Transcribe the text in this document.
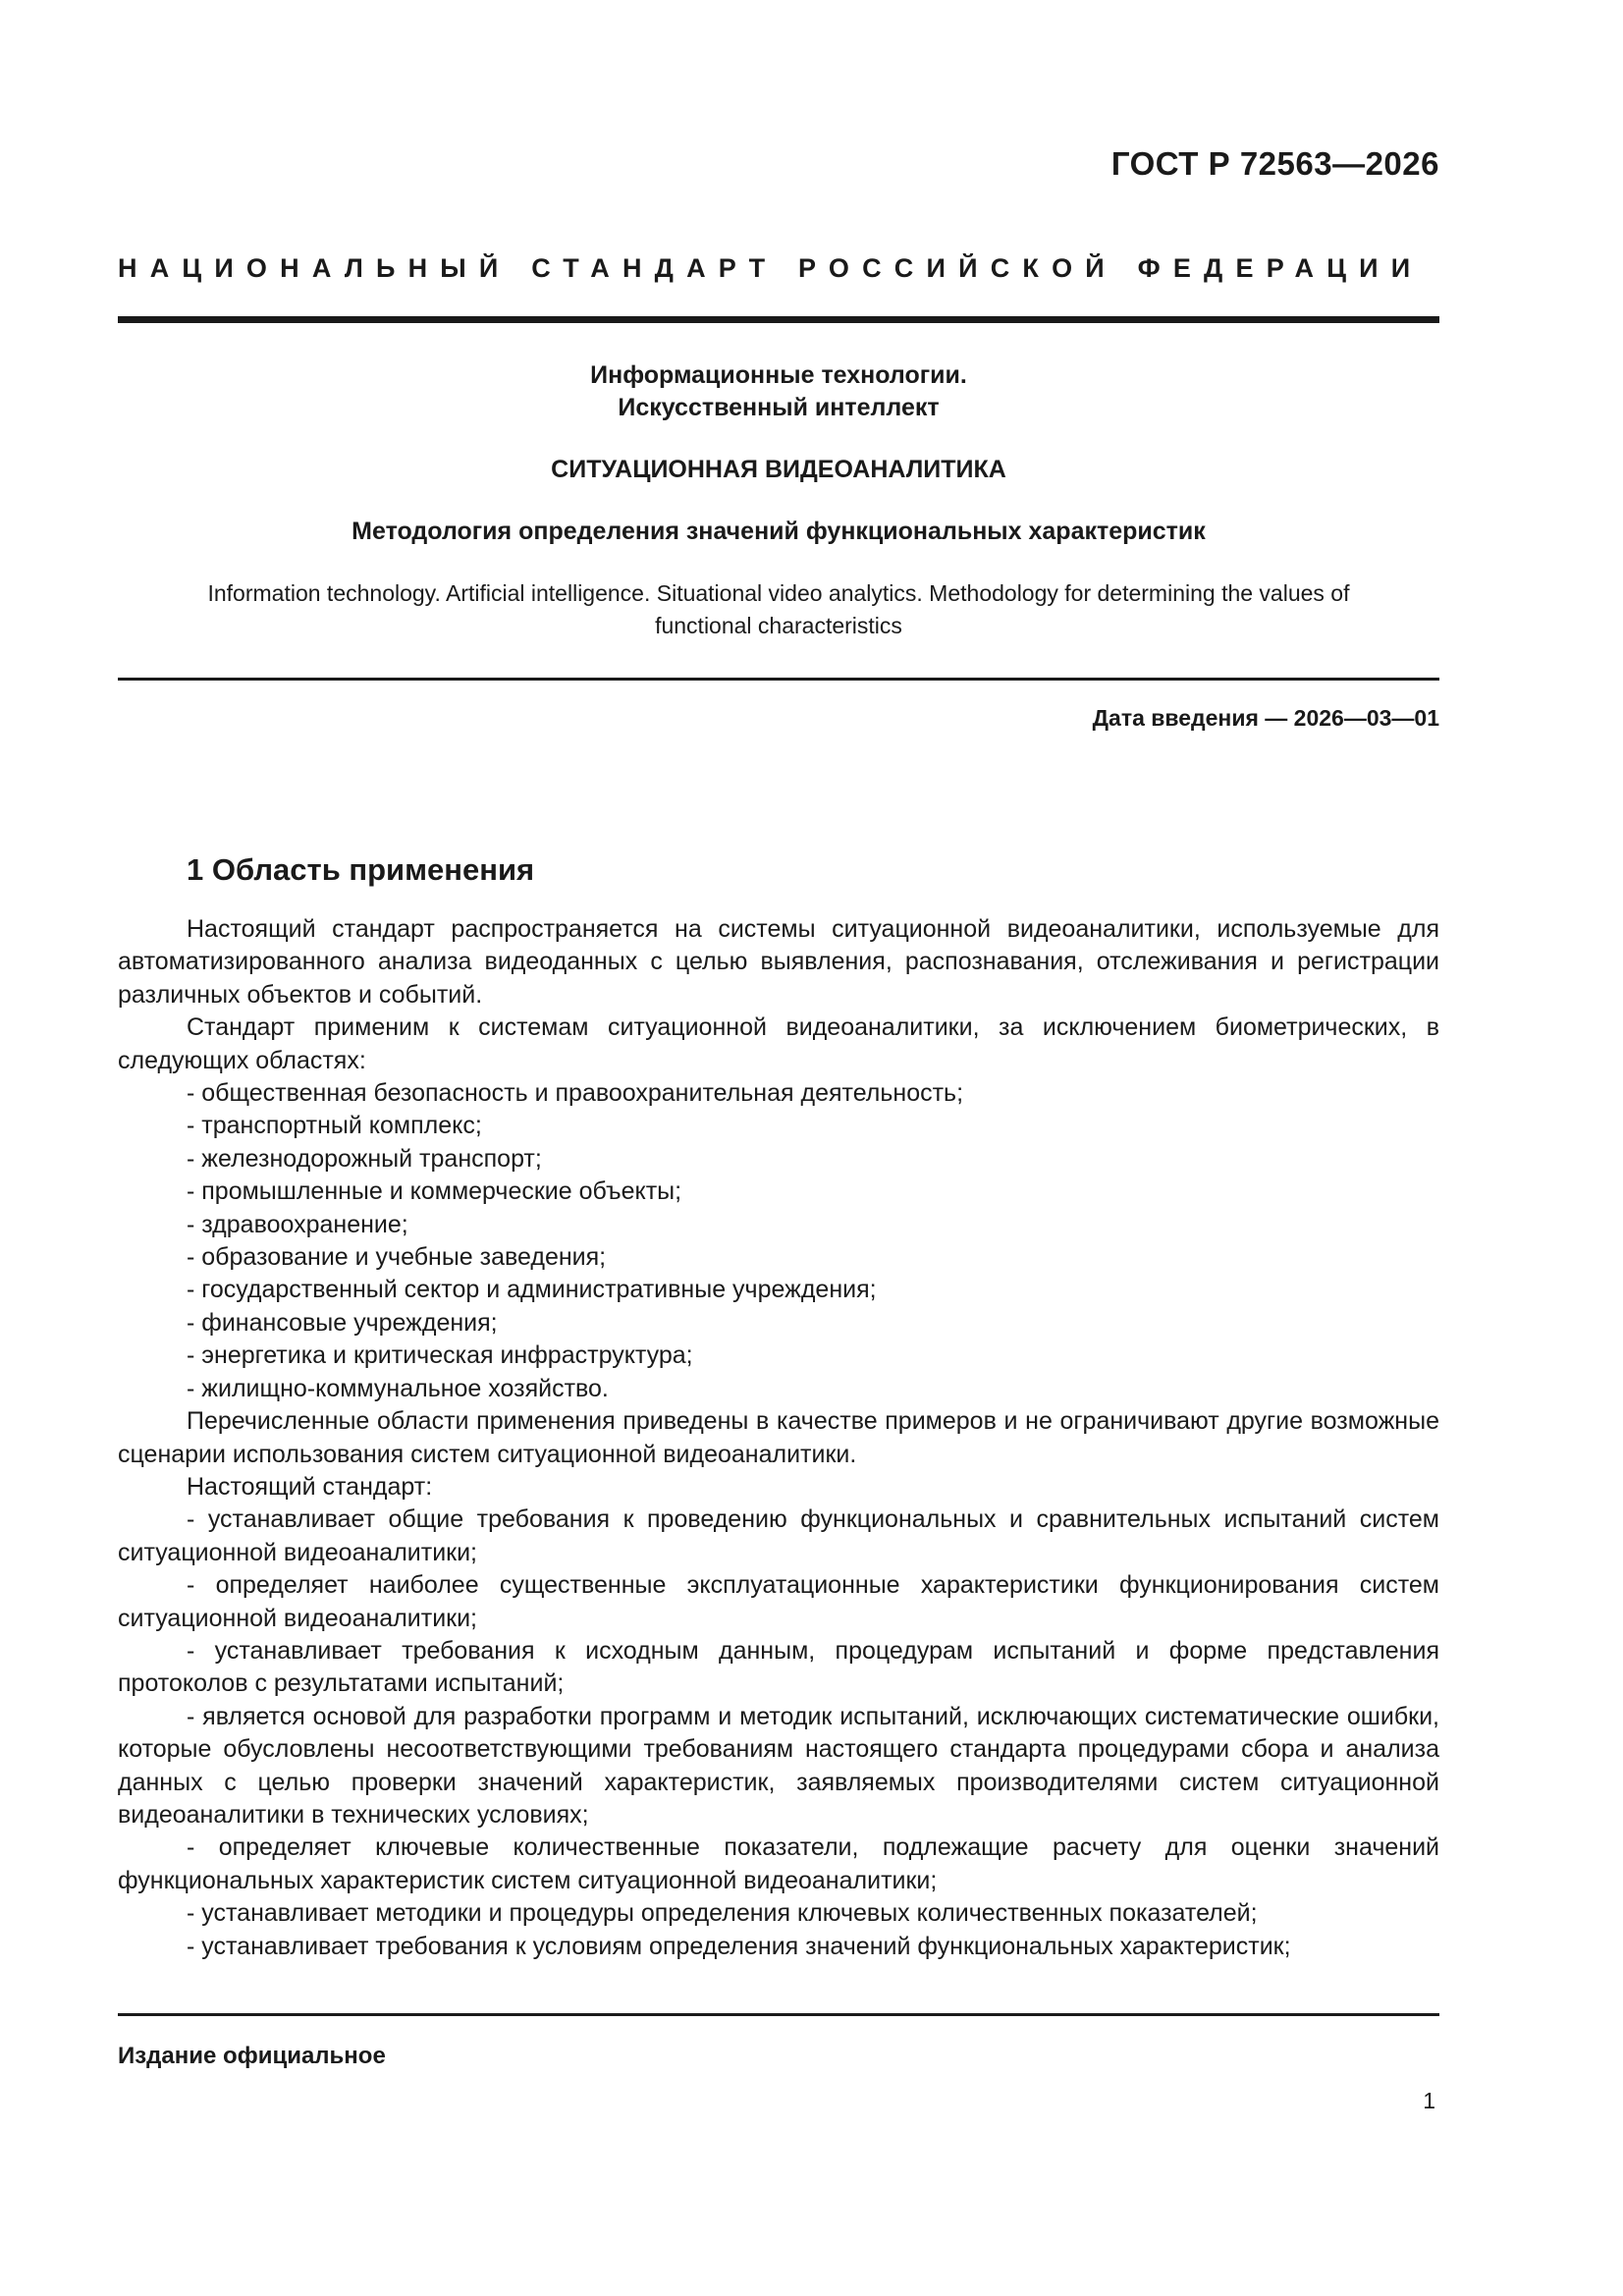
ГОСТ Р 72563—2026
НАЦИОНАЛЬНЫЙ СТАНДАРТ РОССИЙСКОЙ ФЕДЕРАЦИИ
Информационные технологии.
Искусственный интеллект
СИТУАЦИОННАЯ ВИДЕОАНАЛИТИКА
Методология определения значений функциональных характеристик
Information technology. Artificial intelligence. Situational video analytics. Methodology for determining the values of functional characteristics
Дата введения — 2026—03—01
1 Область применения

Настоящий стандарт распространяется на системы ситуационной видеоаналитики, используемые для автоматизированного анализа видеоданных с целью выявления, распознавания, отслеживания и регистрации различных объектов и событий.

Стандарт применим к системам ситуационной видеоаналитики, за исключением биометрических, в следующих областях:

- общественная безопасность и правоохранительная деятельность;
- транспортный комплекс;
- железнодорожный транспорт;
- промышленные и коммерческие объекты;
- здравоохранение;
- образование и учебные заведения;
- государственный сектор и административные учреждения;
- финансовые учреждения;
- энергетика и критическая инфраструктура;
- жилищно-коммунальное хозяйство.

Перечисленные области применения приведены в качестве примеров и не ограничивают другие возможные сценарии использования систем ситуационной видеоаналитики.

Настоящий стандарт:

- устанавливает общие требования к проведению функциональных и сравнительных испытаний систем ситуационной видеоаналитики;

- определяет наиболее существенные эксплуатационные характеристики функционирования систем ситуационной видеоаналитики;

- устанавливает требования к исходным данным, процедурам испытаний и форме представления протоколов с результатами испытаний;

- является основой для разработки программ и методик испытаний, исключающих систематические ошибки, которые обусловлены несоответствующими требованиям настоящего стандарта процедурами сбора и анализа данных с целью проверки значений характеристик, заявляемых производителями систем ситуационной видеоаналитики в технических условиях;

- определяет ключевые количественные показатели, подлежащие расчету для оценки значений функциональных характеристик систем ситуационной видеоаналитики;

- устанавливает методики и процедуры определения ключевых количественных показателей;

- устанавливает требования к условиям определения значений функциональных характеристик;

Издание официальное
1
